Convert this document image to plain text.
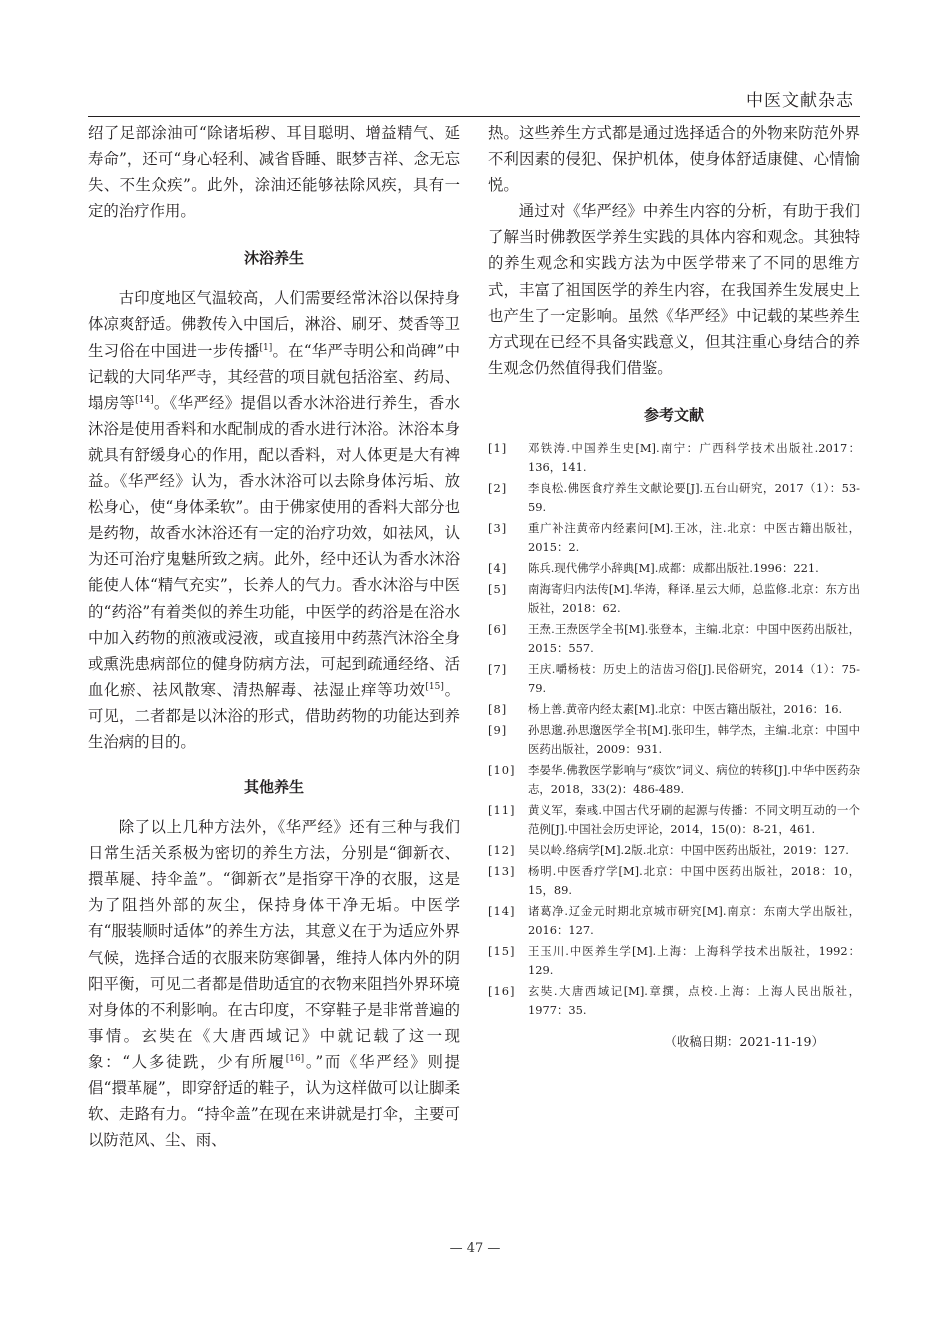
中医文献杂志

绍了足部涂油可“除诸垢秽、耳目聪明、增益精气、延寿命”，还可“身心轻利、减省昏睡、眠梦吉祥、念无忘失、不生众疾”。此外，涂油还能够祛除风疾，具有一定的治疗作用。

沐浴养生

古印度地区气温较高，人们需要经常沐浴以保持身体凉爽舒适。佛教传入中国后，淋浴、刷牙、焚香等卫生习俗在中国进一步传播[1]。在“华严寺明公和尚碑”中记载的大同华严寺，其经营的项目就包括浴室、药局、塌房等[14]。《华严经》提倡以香水沐浴进行养生，香水沐浴是使用香料和水配制成的香水进行沐浴。沐浴本身就具有舒缓身心的作用，配以香料，对人体更是大有裨益。《华严经》认为，香水沐浴可以去除身体污垢、放松身心，使“身体柔软”。由于佛家使用的香料大部分也是药物，故香水沐浴还有一定的治疗功效，如祛风，认为还可治疗鬼魅所致之病。此外，经中还认为香水沐浴能使人体“精气充实”，长养人的气力。香水沐浴与中医的“药浴”有着类似的养生功能，中医学的药浴是在浴水中加入药物的煎液或浸液，或直接用中药蒸汽沐浴全身或熏洗患病部位的健身防病方法，可起到疏通经络、活血化瘀、祛风散寒、清热解毒、祛湿止痒等功效[15]。可见，二者都是以沐浴的形式，借助药物的功能达到养生治病的目的。

其他养生

除了以上几种方法外，《华严经》还有三种与我们日常生活关系极为密切的养生方法，分别是“御新衣、擐革屣、持伞盖”。“御新衣”是指穿干净的衣服，这是为了阻挡外部的灰尘，保持身体干净无垢。中医学有“服装顺时适体”的养生方法，其意义在于为适应外界气候，选择合适的衣服来防寒御暑，维持人体内外的阴阳平衡，可见二者都是借助适宜的衣物来阻挡外界环境对身体的不利影响。在古印度，不穿鞋子是非常普遍的事情。玄奘在《大唐西域记》中就记载了这一现象：“人多徒跣，少有所履[16]。”而《华严经》则提倡“擐革屣”，即穿舒适的鞋子，认为这样做可以让脚柔软、走路有力。“持伞盖”在现在来讲就是打伞，主要可以防范风、尘、雨、

热。这些养生方式都是通过选择适合的外物来防范外界不利因素的侵犯、保护机体，使身体舒适康健、心情愉悦。

通过对《华严经》中养生内容的分析，有助于我们了解当时佛教医学养生实践的具体内容和观念。其独特的养生观念和实践方法为中医学带来了不同的思维方式，丰富了祖国医学的养生内容，在我国养生发展史上也产生了一定影响。虽然《华严经》中记载的某些养生方式现在已经不具备实践意义，但其注重心身结合的养生观念仍然值得我们借鉴。

参考文献
[1]	邓铁涛.中国养生史[M].南宁：广西科学技术出版社.2017：136，141.
[2]	李良松.佛医食疗养生文献论要[J].五台山研究，2017（1）：53-59.
[3]	重广补注黄帝内经素问[M].王冰，注.北京：中医古籍出版社，2015：2.
[4]	陈兵.现代佛学小辞典[M].成都：成都出版社.1996：221.
[5]	南海寄归内法传[M].华涛，释译.星云大师，总监修.北京：东方出版社，2018：62.
[6]	王焘.王焘医学全书[M].张登本，主编.北京：中国中医药出版社，2015：557.
[7]	王庆.嚼杨枝：历史上的洁齿习俗[J].民俗研究，2014（1）：75-79.
[8]	杨上善.黄帝内经太素[M].北京：中医古籍出版社，2016：16.
[9]	孙思邈.孙思邈医学全书[M].张印生，韩学杰，主编.北京：中国中医药出版社，2009：931.
[10]	李晏华.佛教医学影响与“痰饮”词义、病位的转移[J].中华中医药杂志，2018，33(2)：486-489.
[11]	黄义军，秦彧.中国古代牙刷的起源与传播：不同文明互动的一个范例[J].中国社会历史评论，2014，15(0)：8-21，461.
[12]	吴以岭.络病学[M].2版.北京：中国中医药出版社，2019：127.
[13]	杨明.中医香疗学[M].北京：中国中医药出版社，2018：10，15，89.
[14]	诸葛净.辽金元时期北京城市研究[M].南京：东南大学出版社，2016：127.
[15]	王玉川.中医养生学[M].上海：上海科学技术出版社，1992：129.
[16]	玄奘.大唐西域记[M].章撰，点校.上海：上海人民出版社，1977：35.
（收稿日期：2021-11-19）
— 47 —
